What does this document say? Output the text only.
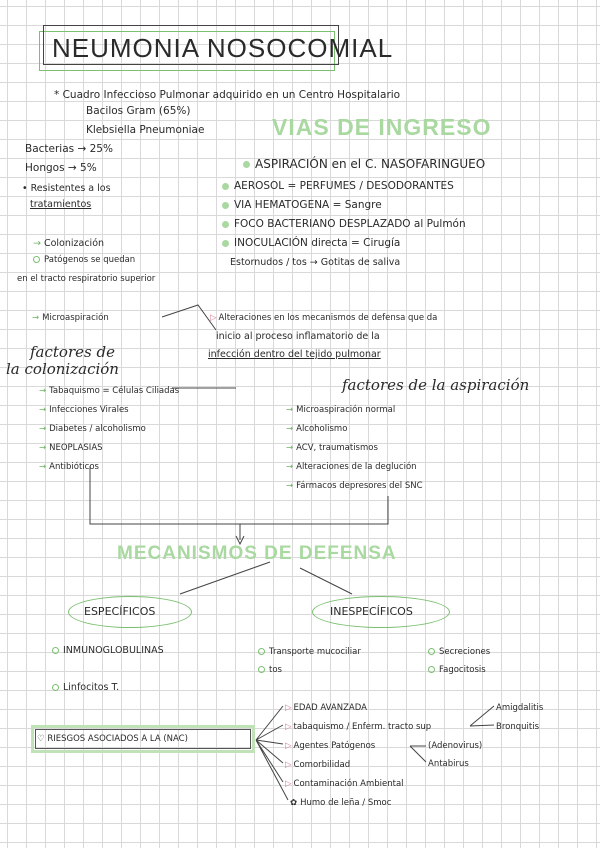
NEUMONIA NOSOCOMIAL
* Cuadro Infeccioso Pulmonar adquirido en un Centro Hospitalario
Bacilos Gram (65%)
Klebsiella Pneumoniae
Bacterias → 25%
Hongos → 5%
• Resistentes a los
tratamientos
VIAS DE INGRESO
ASPIRACIÓN en el C. NASOFARINGUEO
AEROSOL = PERFUMES / DESODORANTES
VIA HEMATOGENA = Sangre
FOCO BACTERIANO DESPLAZADO al Pulmón
INOCULACIÓN directa = Cirugía
Estornudos / tos → Gotitas de saliva
→ Colonización
Patógenos se quedan
en el tracto respiratorio superior
→ Microaspiración	▷ Alteraciones en los mecanismos de defensa que da
inicio al proceso inflamatorio de la
infección dentro del tejido pulmonar
factores de
la colonización
→ Tabaquismo = Células Ciliadas
→ Infecciones Virales
→ Diabetes / alcoholismo
→ NEOPLASIAS
→ Antibióticos
factores de la aspiración
→ Microaspiración normal
→ Alcoholismo
→ ACV, traumatismos
→ Alteraciones de la deglución
→ Fármacos depresores del SNC
MECANISMOS DE DEFENSA
ESPECÍFICOS	INESPECÍFICOS
INMUNOGLOBULINAS
Linfocitos T.
Transporte mucociliar
tos
Secreciones
Fagocitosis
♡ RIESGOS ASOCIADOS A LA (NAC)
▷ EDAD AVANZADA
▷ tabaquismo / Enferm. tracto sup
▷ Agentes Patógenos
▷ Comorbilidad
▷ Contaminación Ambiental
✿ Humo de leña / Smoc
Amigdalitis
Bronquitis
(Adenovirus)
Antabirus
